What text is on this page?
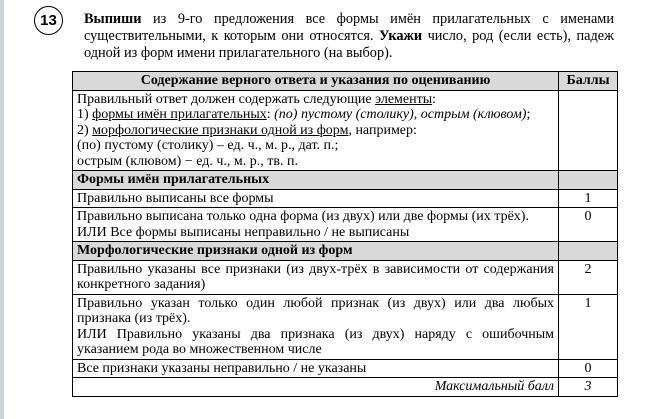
13 Выпиши из 9-го предложения все формы имён прилагательных с именами существительными, к которым они относятся. Укажи число, род (если есть), падеж одной из форм имени прилагательного (на выбор).
Содержание верного ответа и указания по оцениванию	Баллы

Правильный ответ должен содержать следующие элементы:
1) формы имён прилагательных: (по) пустому (столику), острым (клювом);
2) морфологические признаки одной из форм, например:
(по) пустому (столику) – ед. ч., м. р., дат. п.;
острым (клювом) − ед. ч., м. р., тв. п.	

Формы имён прилагательных	
Правильно выписаны все формы	1

Правильно выписана только одна форма (из двух) или две формы (их трёх).
ИЛИ Все формы выписаны неправильно / не выписаны	0
Морфологические признаки одной из форм	
Правильно указаны все признаки (из двух-трёх в зависимости от содержания конкретного задания)	2

Правильно указан только один любой признак (из двух) или два любых признака (из трёх).
ИЛИ Правильно указаны два признака (из двух) наряду с ошибочным указанием рода во множественном числе	1
Все признаки указаны неправильно / не указаны	0
Максимальный балл	3
